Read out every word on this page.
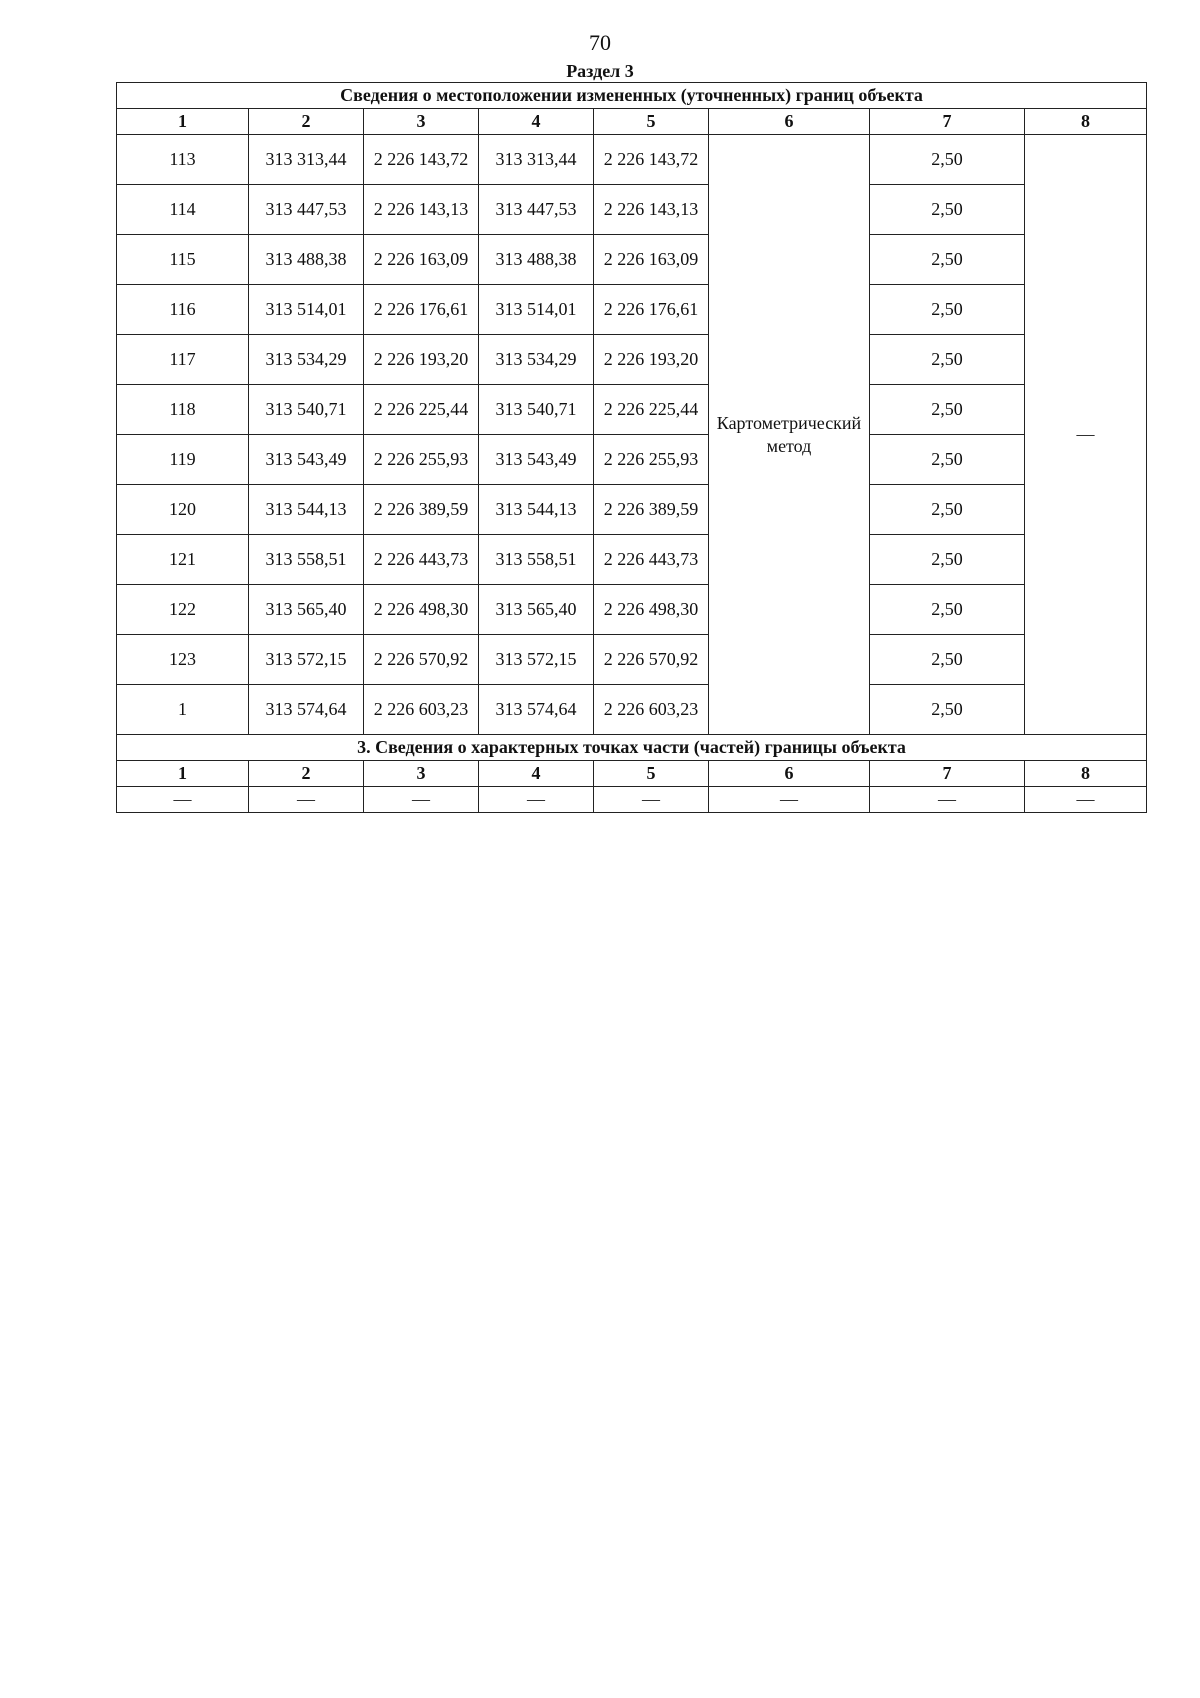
70
Раздел 3
Сведения о местоположении измененных (уточненных) границ объекта							
1	2	3	4	5	6	7	8
113	313 313,44	2 226 143,72	313 313,44	2 226 143,72	Картометрический метод	2,50	—
114	313 447,53	2 226 143,13	313 447,53	2 226 143,13		2,50	
115	313 488,38	2 226 163,09	313 488,38	2 226 163,09		2,50	
116	313 514,01	2 226 176,61	313 514,01	2 226 176,61		2,50	
117	313 534,29	2 226 193,20	313 534,29	2 226 193,20		2,50	
118	313 540,71	2 226 225,44	313 540,71	2 226 225,44		2,50	
119	313 543,49	2 226 255,93	313 543,49	2 226 255,93		2,50	
120	313 544,13	2 226 389,59	313 544,13	2 226 389,59		2,50	
121	313 558,51	2 226 443,73	313 558,51	2 226 443,73		2,50	
122	313 565,40	2 226 498,30	313 565,40	2 226 498,30		2,50	
123	313 572,15	2 226 570,92	313 572,15	2 226 570,92		2,50	
1	313 574,64	2 226 603,23	313 574,64	2 226 603,23		2,50	
3. Сведения о характерных точках части (частей) границы объекта							
1	2	3	4	5	6	7	8
—	—	—	—	—	—	—	—
